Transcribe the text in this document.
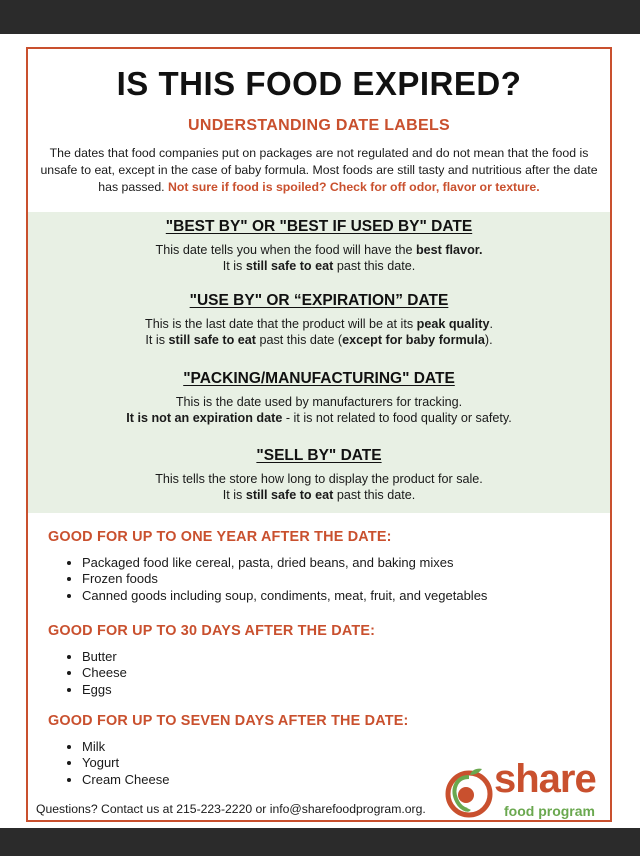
IS THIS FOOD EXPIRED?
UNDERSTANDING DATE LABELS
The dates that food companies put on packages are not regulated and do not mean that the food is unsafe to eat, except in the case of baby formula. Most foods are still tasty and nutritious after the date has passed. Not sure if food is spoiled? Check for off odor, flavor or texture.
"BEST BY" OR "BEST IF USED BY" DATE

This date tells you when the food will have the best flavor.
It is still safe to eat past this date.

"USE BY" OR “EXPIRATION” DATE

This is the last date that the product will be at its peak quality.
It is still safe to eat past this date (except for baby formula).

"PACKING/MANUFACTURING" DATE

This is the date used by manufacturers for tracking.
It is not an expiration date - it is not related to food quality or safety.

"SELL BY" DATE

This tells the store how long to display the product for sale.
It is still safe to eat past this date.

GOOD FOR UP TO ONE YEAR AFTER THE DATE:
• Packaged food like cereal, pasta, dried beans, and baking mixes
• Frozen foods
• Canned goods including soup, condiments, meat, fruit, and vegetables
GOOD FOR UP TO 30 DAYS AFTER THE DATE:
• Butter
• Cheese
• Eggs
GOOD FOR UP TO SEVEN DAYS AFTER THE DATE:
• Milk
• Yogurt
• Cream Cheese
Questions? Contact us at 215-223-2220 or info@sharefoodprogram.org.
share
food program
